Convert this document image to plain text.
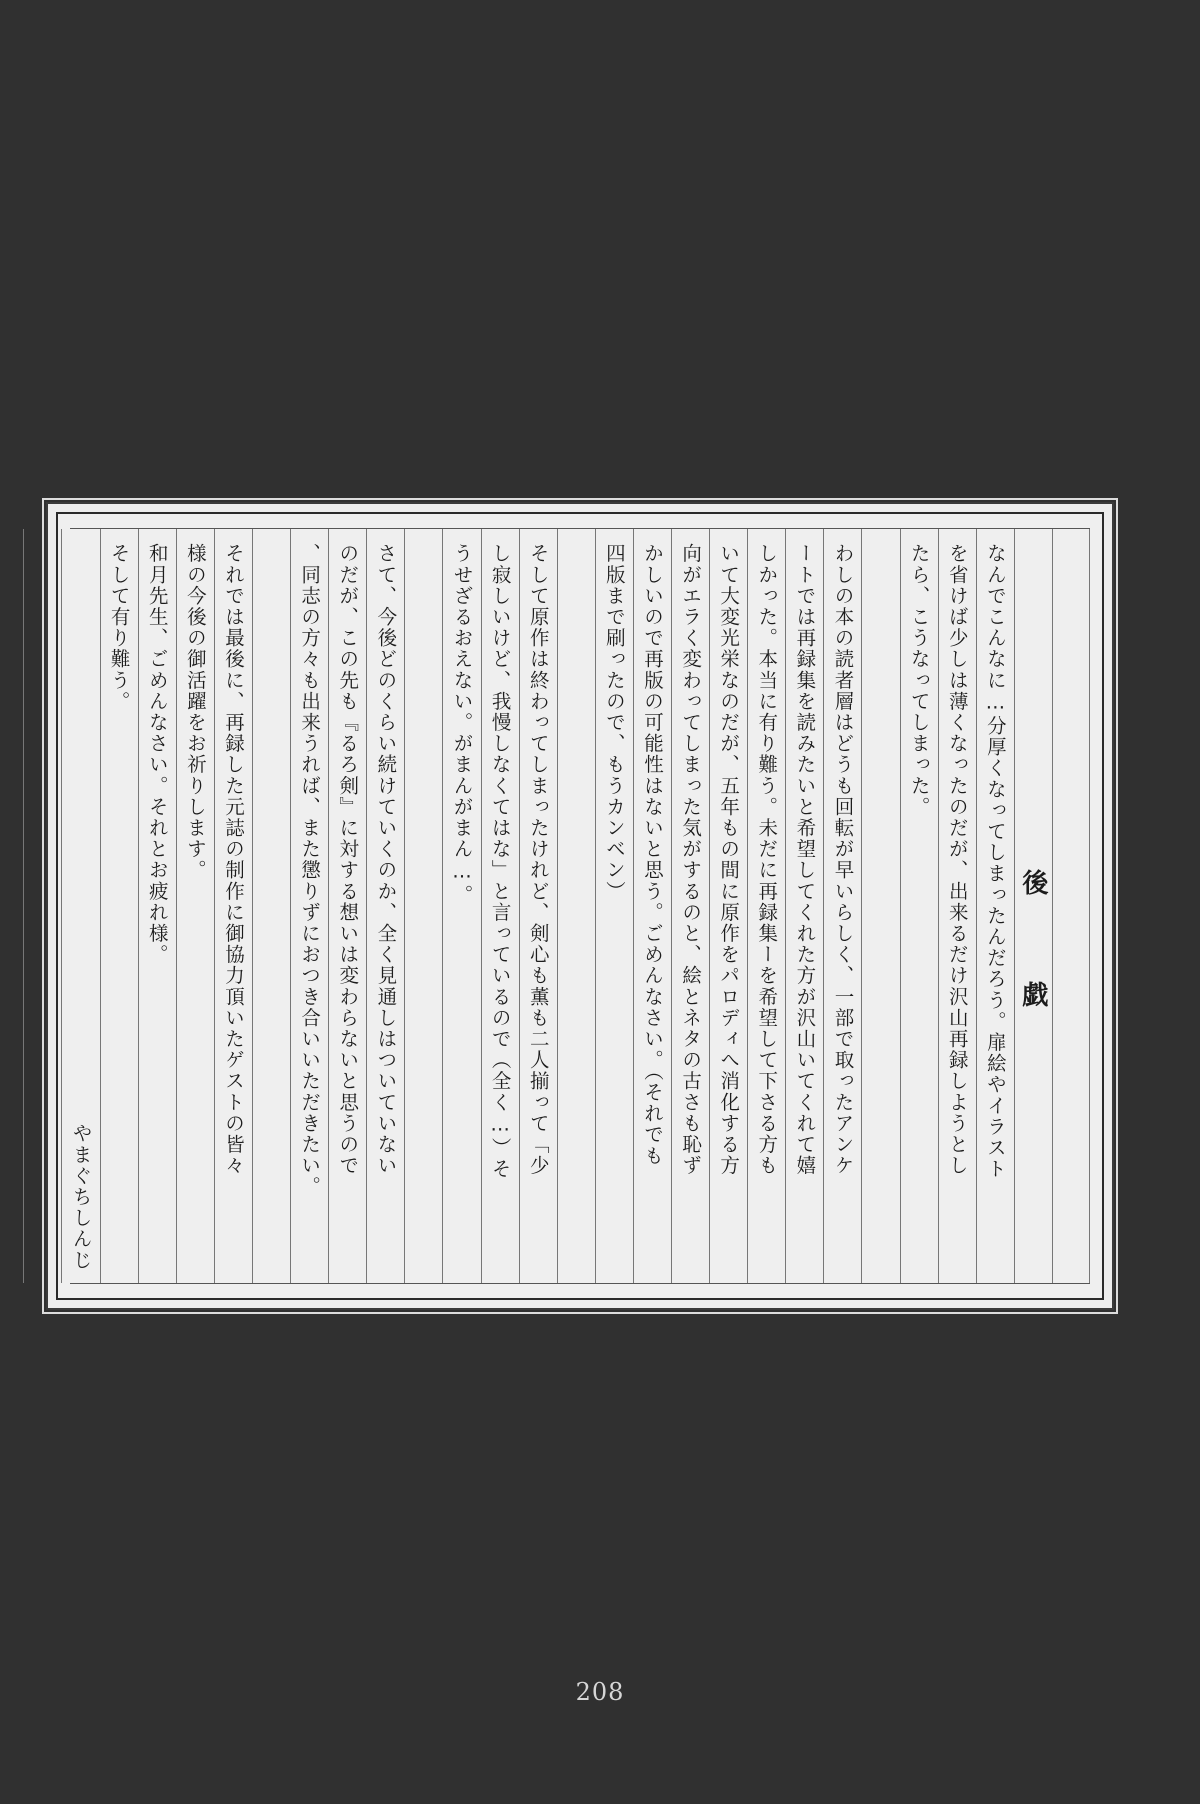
後　戯
なんでこんなに…分厚くなってしまったんだろう。扉絵やイラスト
を省けば少しは薄くなったのだが、出来るだけ沢山再録しようとし
たら、こうなってしまった。
わしの本の読者層はどうも回転が早いらしく、一部で取ったアンケ
ートでは再録集を読みたいと希望してくれた方が沢山いてくれて嬉
しかった。本当に有り難う。未だに再録集ーを希望して下さる方も
いて大変光栄なのだが、五年もの間に原作をパロディへ消化する方
向がエラく変わってしまった気がするのと、絵とネタの古さも恥ず
かしいので再版の可能性はないと思う。ごめんなさい。（それでも
四版まで刷ったので、もうカンベン）
そして原作は終わってしまったけれど、剣心も薫も二人揃って「少
し寂しいけど、我慢しなくてはな」と言っているので（全く…）そ
うせざるおえない。がまんがまん…。
さて、今後どのくらい続けていくのか、全く見通しはついていない
のだが、この先も『るろ剣』に対する想いは変わらないと思うので
、同志の方々も出来うれば、また懲りずにおつき合いいただきたい。
それでは最後に、再録した元誌の制作に御協力頂いたゲストの皆々
様の今後の御活躍をお祈りします。
和月先生、ごめんなさい。それとお疲れ様。
そして有り難う。
やまぐちしんじ
208
